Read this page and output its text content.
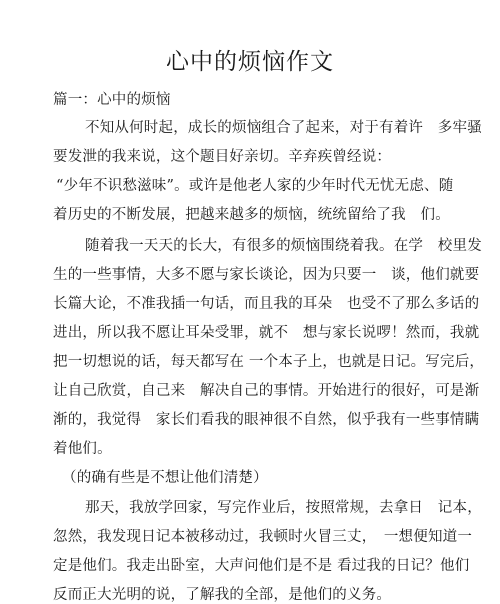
心中的烦恼作文
篇一：心中的烦恼
不知从何时起，成长的烦恼组合了起来，对于有着许　多牢骚
要发泄的我来说，这个题目好亲切。辛弃疾曾经说：
“少年不识愁滋味”。或许是他老人家的少年时代无忧无虑、随
着历史的不断发展，把越来越多的烦恼，统统留给了我　们。
随着我一天天的长大，有很多的烦恼围绕着我。在学　校里发
生的一些事情，大多不愿与家长谈论，因为只要一　谈，他们就要
长篇大论，不准我插一句话，而且我的耳朵　也受不了那么多话的
进出，所以我不愿让耳朵受罪，就不　想与家长说啰！然而，我就
把一切想说的话，每天都写在 一个本子上，也就是日记。写完后，
让自己欣赏，自己来　解决自己的事情。开始进行的很好，可是渐
渐的，我觉得　家长们看我的眼神很不自然，似乎我有一些事情瞒
着他们。
（的确有些是不想让他们清楚）
那天，我放学回家，写完作业后，按照常规，去拿日　记本，
忽然，我发现日记本被移动过，我顿时火冒三丈，　一想便知道一
定是他们。我走出卧室，大声问他们是不是 看过我的日记？他们
反而正大光明的说，了解我的全部，是他们的义务。
